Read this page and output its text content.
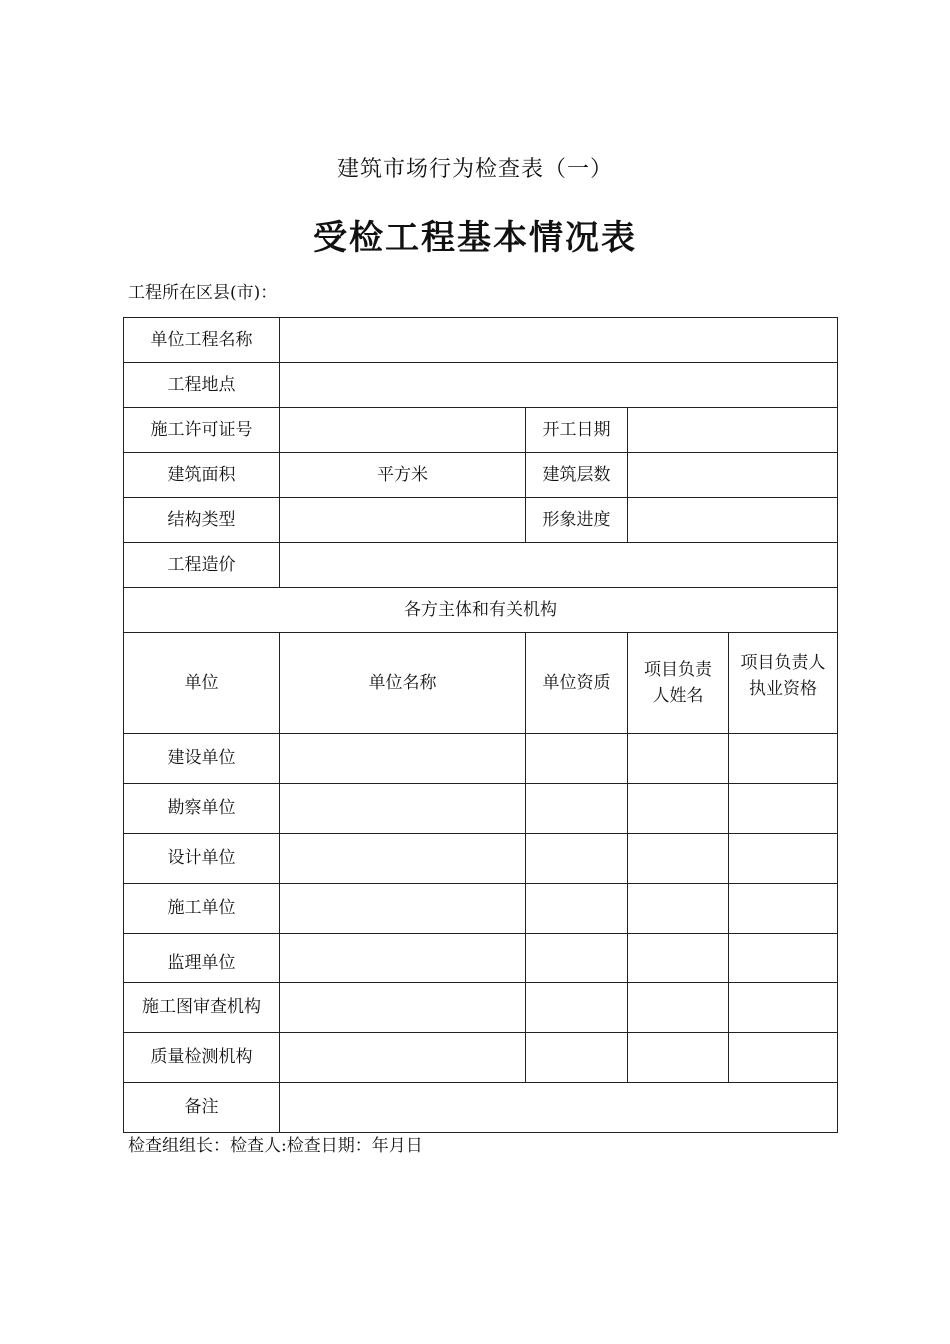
建筑市场行为检查表（一）
受检工程基本情况表
工程所在区县(市)：
单位工程名称				
工程地点				
施工许可证号		开工日期		
建筑面积	平方米	建筑层数		
结构类型		形象进度		
工程造价				
各方主体和有关机构				
单位	单位名称	单位资质	项目负责人姓名	项目负责人执业资格
建设单位				
勘察单位				
设计单位				
施工单位				
监理单位				
施工图审查机构				
质量检测机构				
备注				
检查组组长：检查人:检查日期：年月日
